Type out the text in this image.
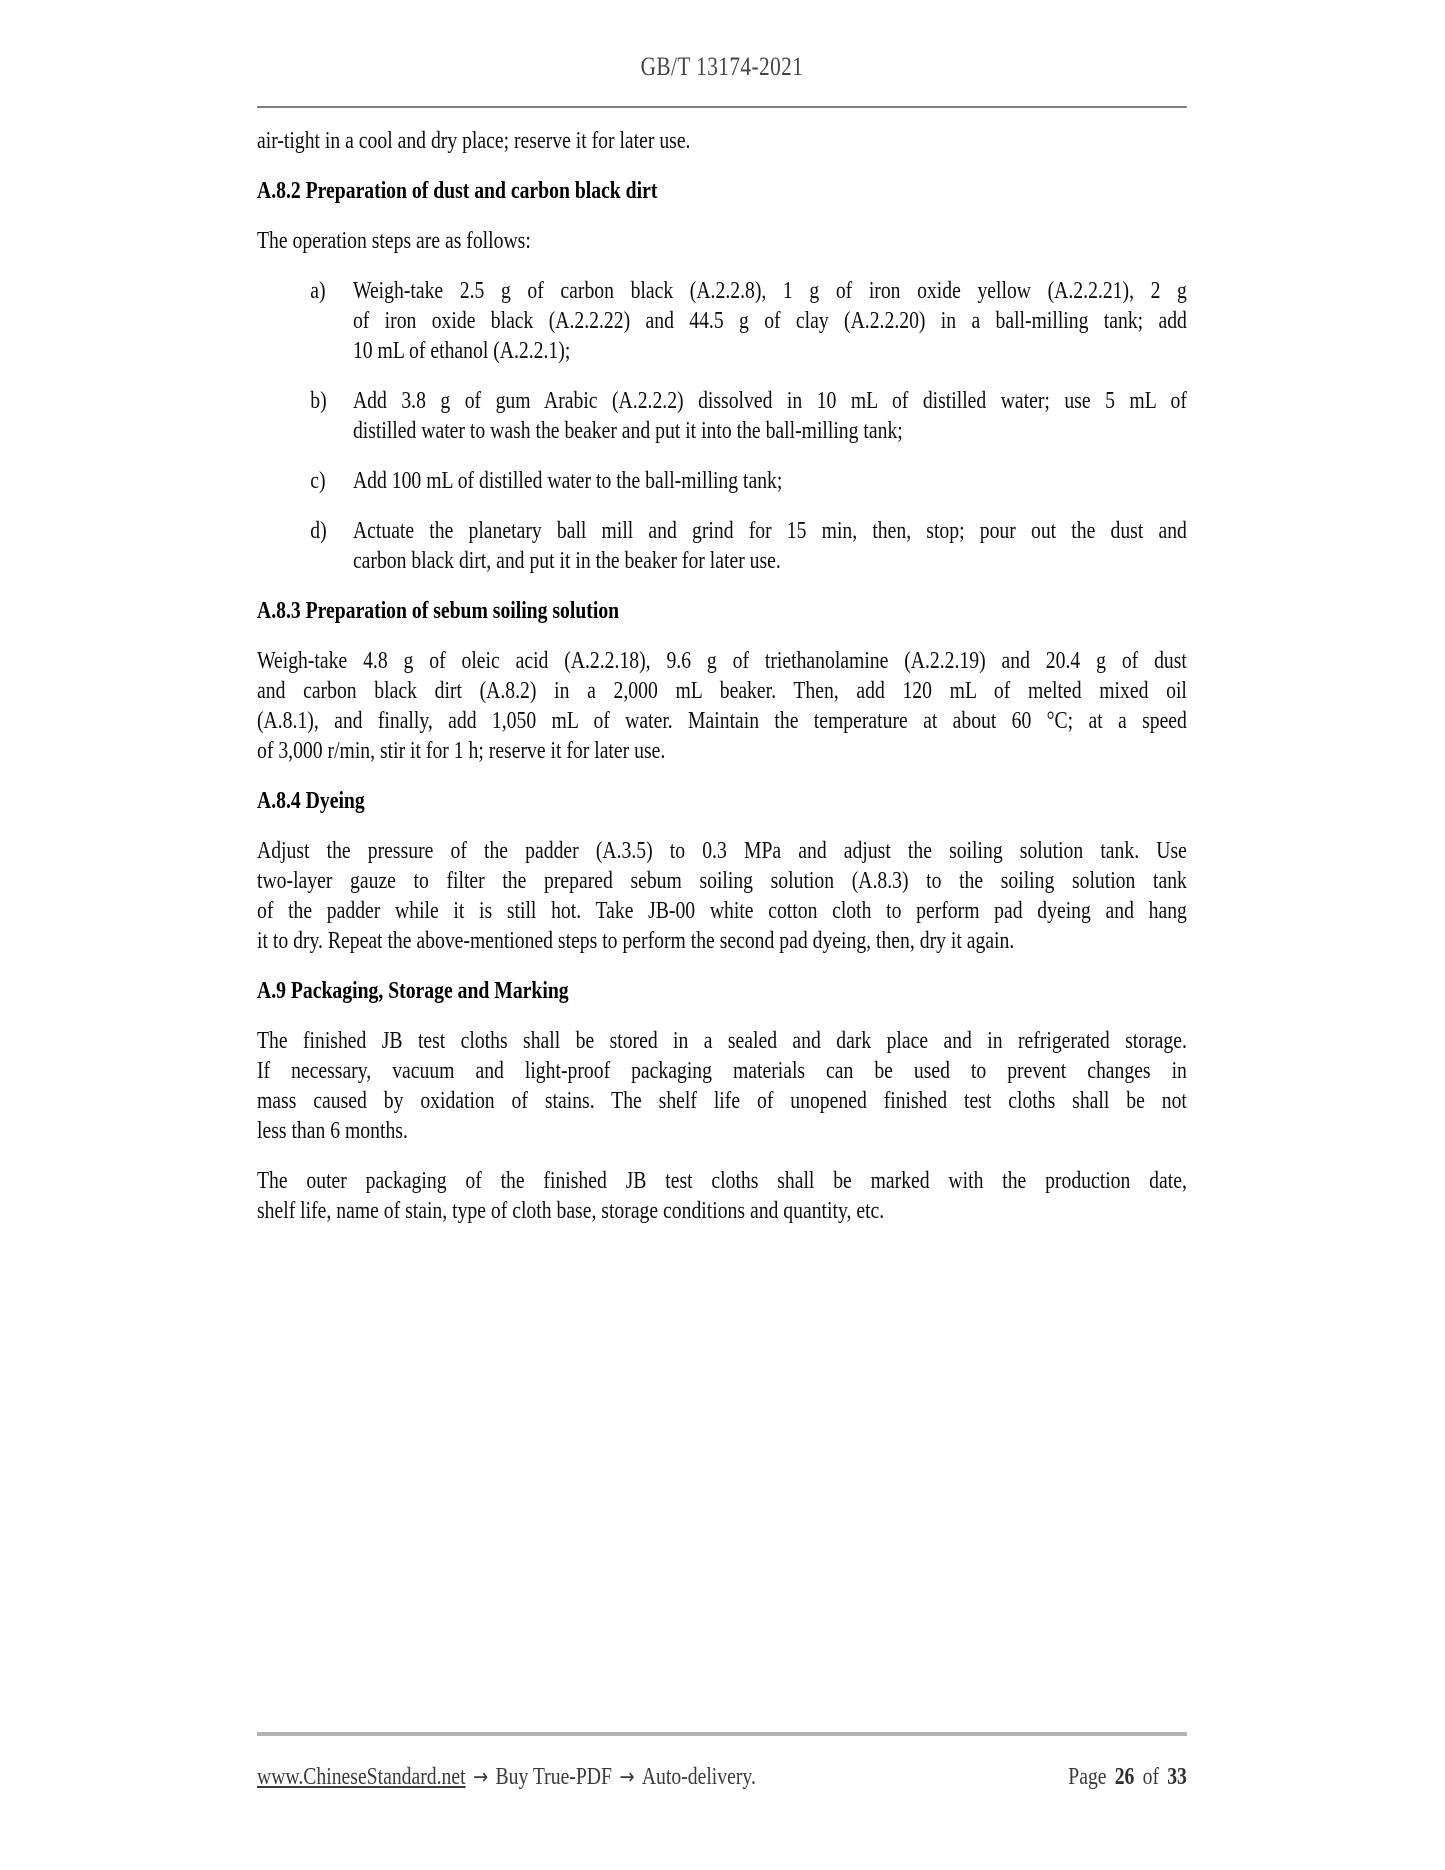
GB/T 13174-2021
air-tight in a cool and dry place; reserve it for later use.
A.8.2 Preparation of dust and carbon black dirt
The operation steps are as follows:
a) Weigh-take 2.5 g of carbon black (A.2.2.8), 1 g of iron oxide yellow (A.2.2.21), 2 g
of iron oxide black (A.2.2.22) and 44.5 g of clay (A.2.2.20) in a ball-milling tank; add
10 mL of ethanol (A.2.2.1);
b) Add 3.8 g of gum Arabic (A.2.2.2) dissolved in 10 mL of distilled water; use 5 mL of
distilled water to wash the beaker and put it into the ball-milling tank;
c) Add 100 mL of distilled water to the ball-milling tank;
d) Actuate the planetary ball mill and grind for 15 min, then, stop; pour out the dust and
carbon black dirt, and put it in the beaker for later use.
A.8.3 Preparation of sebum soiling solution
Weigh-take 4.8 g of oleic acid (A.2.2.18), 9.6 g of triethanolamine (A.2.2.19) and 20.4 g of dust
and carbon black dirt (A.8.2) in a 2,000 mL beaker. Then, add 120 mL of melted mixed oil
(A.8.1), and finally, add 1,050 mL of water. Maintain the temperature at about 60 °C; at a speed
of 3,000 r/min, stir it for 1 h; reserve it for later use.
A.8.4 Dyeing
Adjust the pressure of the padder (A.3.5) to 0.3 MPa and adjust the soiling solution tank. Use
two-layer gauze to filter the prepared sebum soiling solution (A.8.3) to the soiling solution tank
of the padder while it is still hot. Take JB-00 white cotton cloth to perform pad dyeing and hang
it to dry. Repeat the above-mentioned steps to perform the second pad dyeing, then, dry it again.
A.9 Packaging, Storage and Marking
The finished JB test cloths shall be stored in a sealed and dark place and in refrigerated storage.
If necessary, vacuum and light-proof packaging materials can be used to prevent changes in
mass caused by oxidation of stains. The shelf life of unopened finished test cloths shall be not
less than 6 months.
The outer packaging of the finished JB test cloths shall be marked with the production date,
shelf life, name of stain, type of cloth base, storage conditions and quantity, etc.
www.ChineseStandard.net → Buy True-PDF → Auto-delivery.	Page 26 of 33
